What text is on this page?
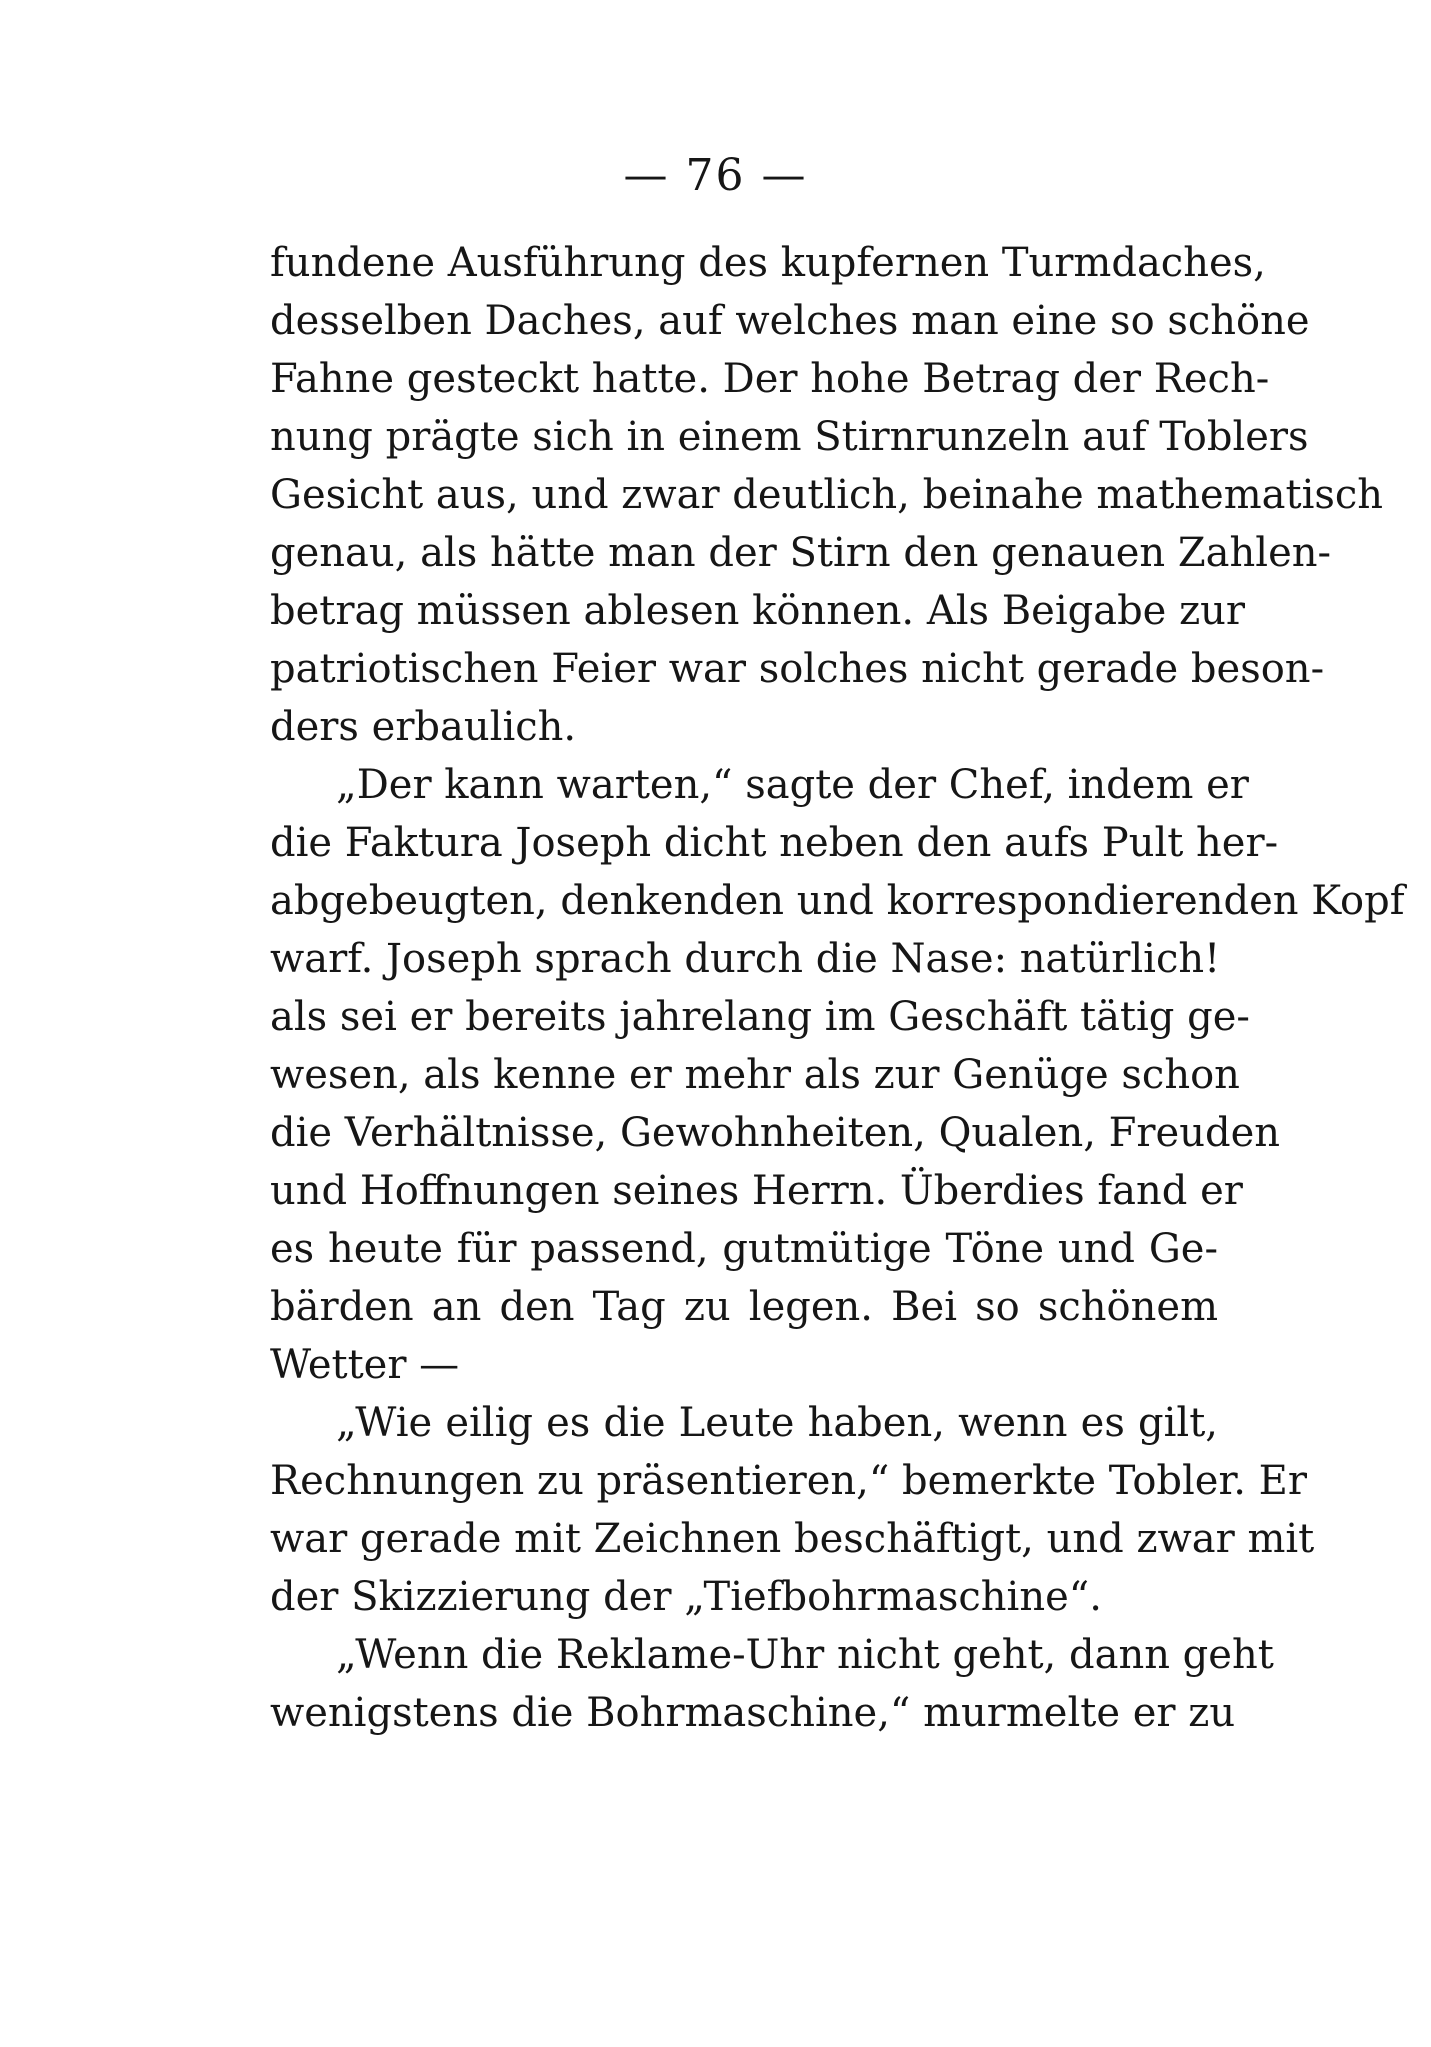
— 76 —
fundene Ausführung des kupfernen Turmdaches,
desselben Daches, auf welches man eine so schöne
Fahne gesteckt hatte. Der hohe Betrag der Rech-
nung prägte sich in einem Stirnrunzeln auf Toblers
Gesicht aus, und zwar deutlich, beinahe mathematisch
genau, als hätte man der Stirn den genauen Zahlen-
betrag müssen ablesen können. Als Beigabe zur
patriotischen Feier war solches nicht gerade beson-
ders erbaulich.
„Der kann warten,“ sagte der Chef, indem er
die Faktura Joseph dicht neben den aufs Pult her-
abgebeugten, denkenden und korrespondierenden Kopf
warf. Joseph sprach durch die Nase: natürlich!
als sei er bereits jahrelang im Geschäft tätig ge-
wesen, als kenne er mehr als zur Genüge schon
die Verhältnisse, Gewohnheiten, Qualen, Freuden
und Hoffnungen seines Herrn. Überdies fand er
es heute für passend, gutmütige Töne und Ge-
bärden an den Tag zu legen. Bei so schönem
Wetter —
„Wie eilig es die Leute haben, wenn es gilt,
Rechnungen zu präsentieren,“ bemerkte Tobler. Er
war gerade mit Zeichnen beschäftigt, und zwar mit
der Skizzierung der „Tiefbohrmaschine“.
„Wenn die Reklame-Uhr nicht geht, dann geht
wenigstens die Bohrmaschine,“ murmelte er zu
